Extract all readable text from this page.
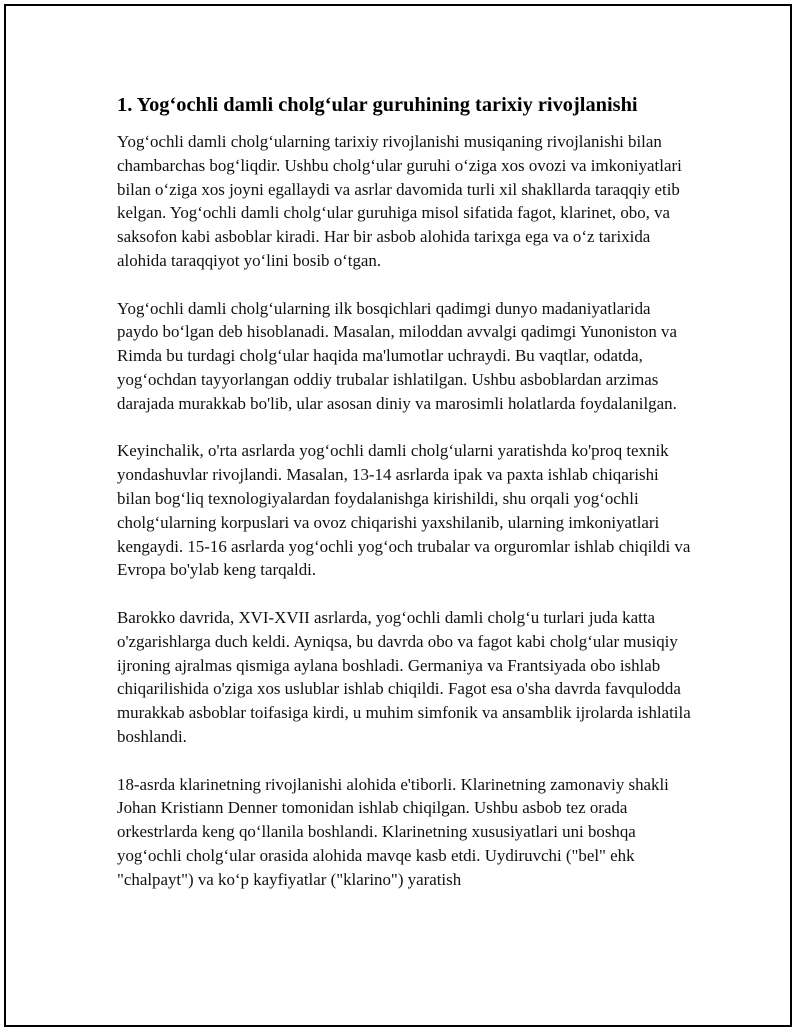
1. Yog‘ochli damli cholg‘ular guruhining tarixiy rivojlanishi

Yog‘ochli damli cholg‘ularning tarixiy rivojlanishi musiqaning rivojlanishi bilan chambarchas bog‘liqdir. Ushbu cholg‘ular guruhi o‘ziga xos ovozi va imkoniyatlari bilan o‘ziga xos joyni egallaydi va asrlar davomida turli xil shakllarda taraqqiy etib kelgan. Yog‘ochli damli cholg‘ular guruhiga misol sifatida fagot, klarinet, obo, va saksofon kabi asboblar kiradi. Har bir asbob alohida tarixga ega va o‘z tarixida alohida taraqqiyot yo‘lini bosib o‘tgan.

Yog‘ochli damli cholg‘ularning ilk bosqichlari qadimgi dunyo madaniyatlarida paydo bo‘lgan deb hisoblanadi. Masalan, miloddan avvalgi qadimgi Yunoniston va Rimda bu turdagi cholg‘ular haqida ma'lumotlar uchraydi. Bu vaqtlar, odatda, yog‘ochdan tayyorlangan oddiy trubalar ishlatilgan. Ushbu asboblardan arzimas darajada murakkab bo'lib, ular asosan diniy va marosimli holatlarda foydalanilgan.

Keyinchalik, o'rta asrlarda yog‘ochli damli cholg‘ularni yaratishda ko'proq texnik yondashuvlar rivojlandi. Masalan, 13-14 asrlarda ipak va paxta ishlab chiqarishi bilan bog‘liq texnologiyalardan foydalanishga kirishildi, shu orqali yog‘ochli cholg‘ularning korpuslari va ovoz chiqarishi yaxshilanib, ularning imkoniyatlari kengaydi. 15-16 asrlarda yog‘ochli yog‘och trubalar va orguromlar ishlab chiqildi va Evropa bo'ylab keng tarqaldi.

Barokko davrida, XVI-XVII asrlarda, yog‘ochli damli cholg‘u turlari juda katta o'zgarishlarga duch keldi. Ayniqsa, bu davrda obo va fagot kabi cholg‘ular musiqiy ijroning ajralmas qismiga aylana boshladi. Germaniya va Frantsiyada obo ishlab chiqarilishida o'ziga xos uslublar ishlab chiqildi. Fagot esa o'sha davrda favqulodda murakkab asboblar toifasiga kirdi, u muhim simfonik va ansamblik ijrolarda ishlatila boshlandi.

18-asrda klarinetning rivojlanishi alohida e'tiborli. Klarinetning zamonaviy shakli Johan Kristiann Denner tomonidan ishlab chiqilgan. Ushbu asbob tez orada orkestrlarda keng qo‘llanila boshlandi. Klarinetning xususiyatlari uni boshqa yog‘ochli cholg‘ular orasida alohida mavqe kasb etdi. Uydiruvchi ("bel" ehk "chalpayt") va ko‘p kayfiyatlar ("klarino") yaratish
